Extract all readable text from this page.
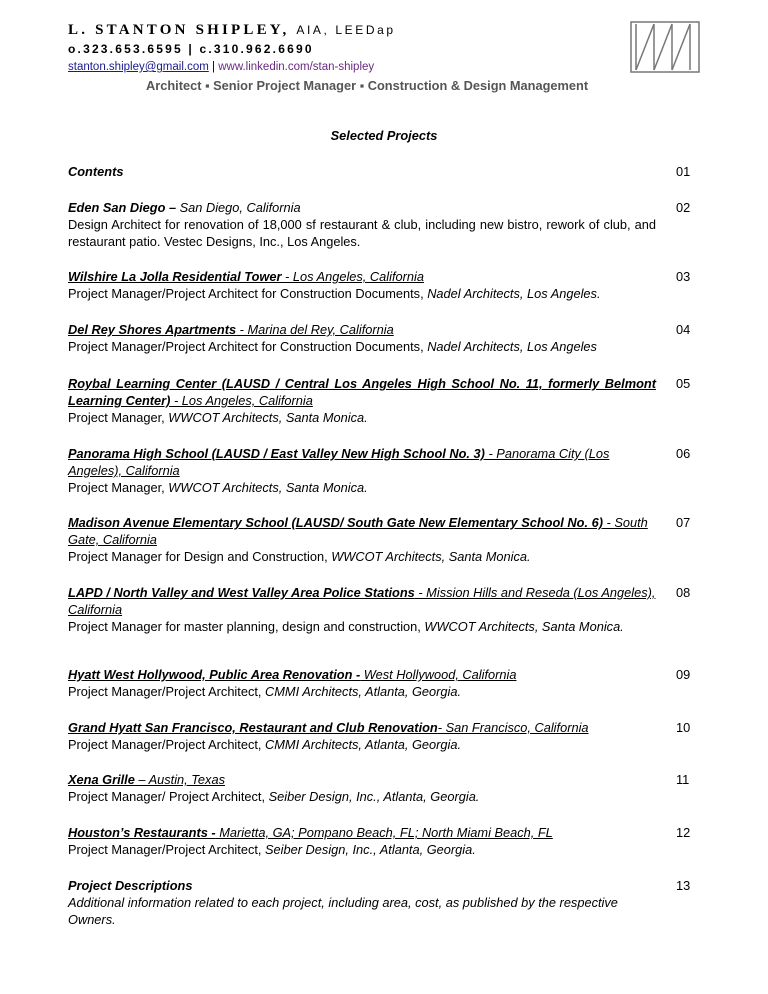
L. STANTON SHIPLEY, AIA, LEEDap
o.323.653.6595 | c.310.962.6690
stanton.shipley@gmail.com | www.linkedin.com/stan-shipley
Architect ▪ Senior Project Manager ▪ Construction & Design Management
Selected Projects
Contents	01
Eden San Diego – San Diego, California
Design Architect for renovation of 18,000 sf restaurant & club, including new bistro, rework of club, and restaurant patio. Vestec Designs, Inc., Los Angeles.
02
Wilshire La Jolla Residential Tower - Los Angeles, California
Project Manager/Project Architect for Construction Documents, Nadel Architects, Los Angeles.
03
Del Rey Shores Apartments - Marina del Rey, California
Project Manager/Project Architect for Construction Documents, Nadel Architects, Los Angeles
04
Roybal Learning Center (LAUSD / Central Los Angeles High School No. 11, formerly Belmont Learning Center) - Los Angeles, California
Project Manager, WWCOT Architects, Santa Monica.
05
Panorama High School (LAUSD / East Valley New High School No. 3) - Panorama City (Los Angeles), California
Project Manager, WWCOT Architects, Santa Monica.
06
Madison Avenue Elementary School (LAUSD/ South Gate New Elementary School No. 6) - South Gate, California
Project Manager for Design and Construction, WWCOT Architects, Santa Monica.
07
LAPD / North Valley and West Valley Area Police Stations - Mission Hills and Reseda (Los Angeles), California
Project Manager for master planning, design and construction, WWCOT Architects, Santa Monica.
08
Hyatt West Hollywood, Public Area Renovation - West Hollywood, California
Project Manager/Project Architect, CMMI Architects, Atlanta, Georgia.
09
Grand Hyatt San Francisco, Restaurant and Club Renovation- San Francisco, California
Project Manager/Project Architect, CMMI Architects, Atlanta, Georgia.
10
Xena Grille – Austin, Texas
Project Manager/ Project Architect, Seiber Design, Inc., Atlanta, Georgia.
11
Houston’s Restaurants - Marietta, GA; Pompano Beach, FL; North Miami Beach, FL
Project Manager/Project Architect, Seiber Design, Inc., Atlanta, Georgia.
12
Project Descriptions
Additional information related to each project, including area, cost, as published by the respective Owners.
13
